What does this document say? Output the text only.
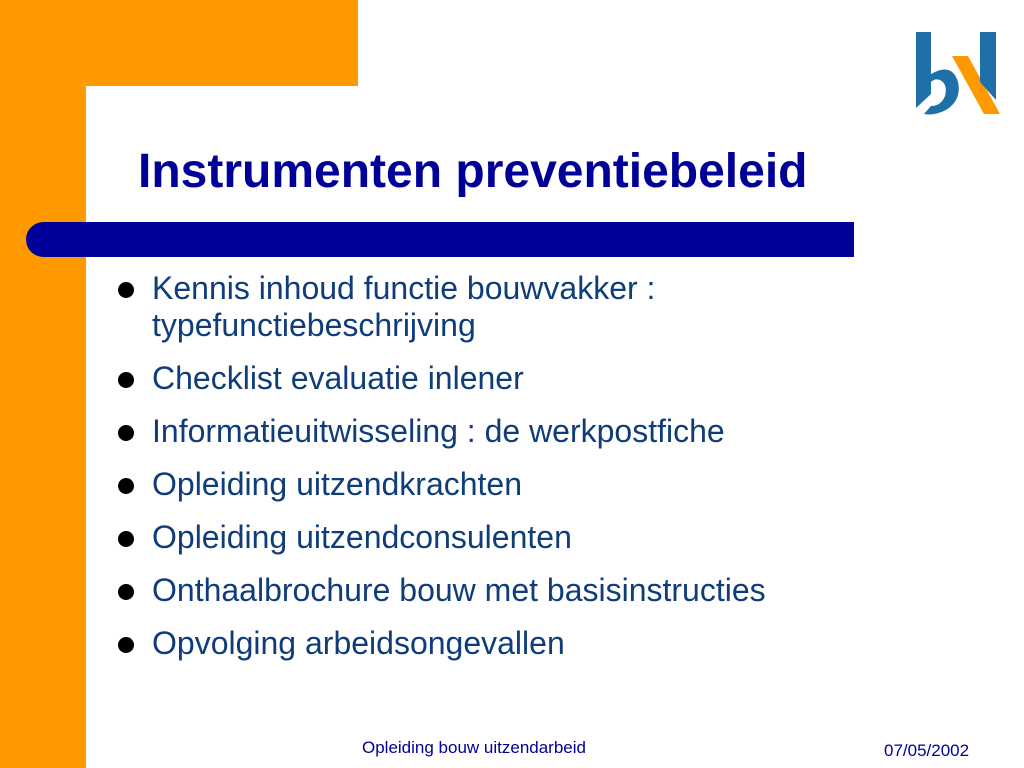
Instrumenten preventiebeleid
Kennis inhoud functie bouwvakker : typefunctiebeschrijving
Checklist evaluatie inlener
Informatieuitwisseling : de werkpostfiche
Opleiding uitzendkrachten
Opleiding uitzendconsulenten
Onthaalbrochure bouw met basisinstructies
Opvolging arbeidsongevallen
Opleiding bouw uitzendarbeid	07/05/2002
